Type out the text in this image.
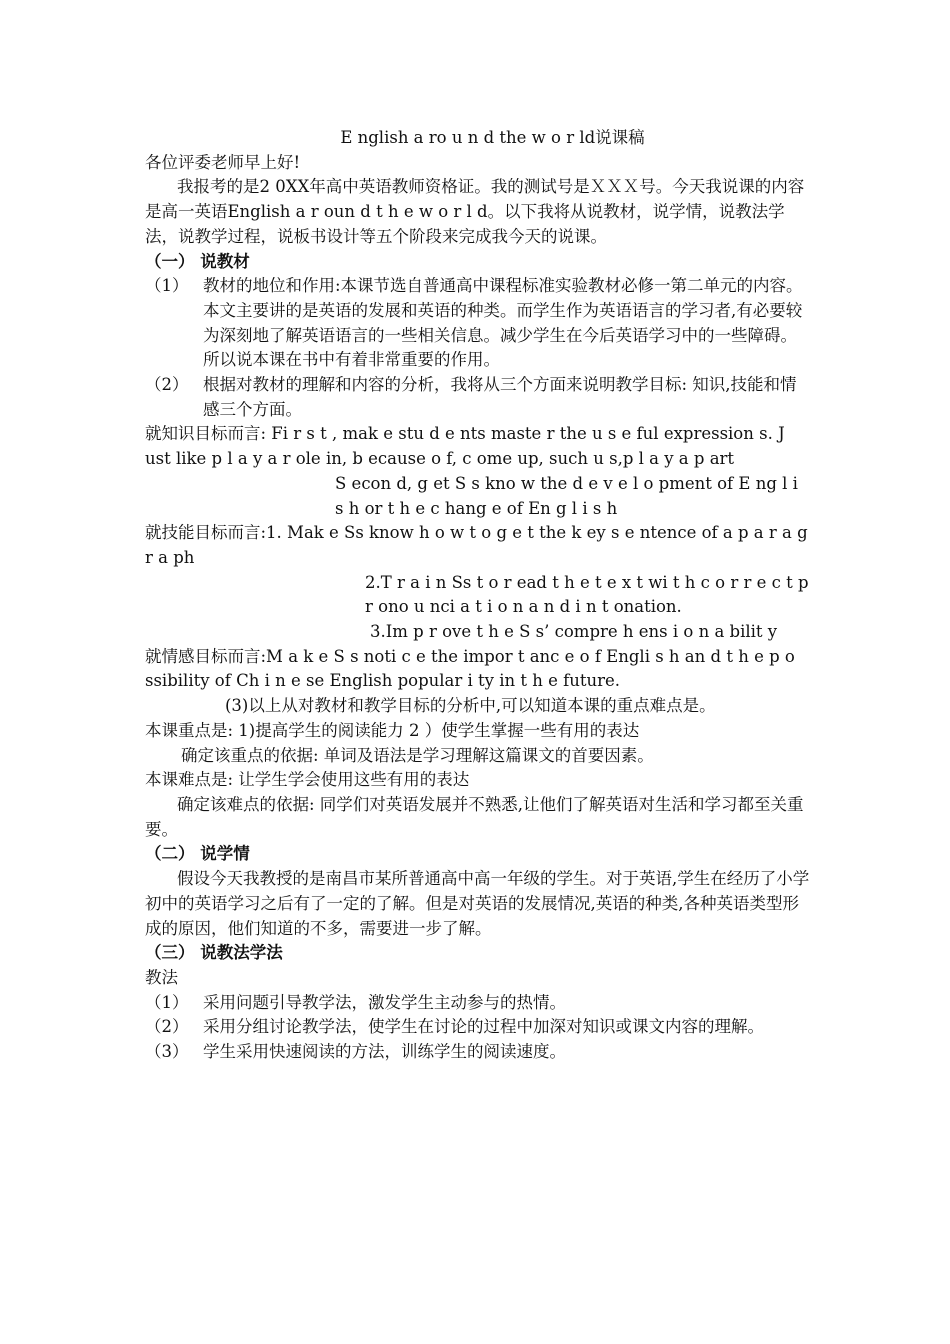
E nglish a ro u n d the w o r ld说课稿

各位评委老师早上好!

我报考的是2 0XX年高中英语教师资格证。我的测试号是ＸＸＸ号。今天我说课的内容是高一英语English a r oun d t h e w o r l d。以下我将从说教材，说学情，说教法学法，说教学过程，说板书设计等五个阶段来完成我今天的说课。

（一） 说教材

（1） 教材的地位和作用:本课节选自普通高中课程标准实验教材必修一第二单元的内容。本文主要讲的是英语的发展和英语的种类。而学生作为英语语言的学习者,有必要较为深刻地了解英语语言的一些相关信息。减少学生在今后英语学习中的一些障碍。所以说本课在书中有着非常重要的作用。
（2） 根据对教材的理解和内容的分析，我将从三个方面来说明教学目标: 知识,技能和情感三个方面。

就知识目标而言: Fi r s t , mak e stu d e nts maste r the u s e ful expression s. J ust like p l a y a r ole in, b ecause o f, c ome up, such u s,p l a y a p art

S econ d, g et S s kno w the d e v e l o pment of E ng l i s h or t h e c hang e of En g l i s h

就技能目标而言:1. Mak e Ss know h o w t o g e t the k ey s e ntence of a p a r a g r a ph

2.T r a i n Ss t o r ead t h e t e x t wi t h c o r r e c t p r ono u nci a t i o n a n d i n t onation.

3.Im p r ove t h e S s’ compre h ens i o n a bilit y

就情感目标而言:M a k e S s noti c e the impor t anc e o f Engli s h an d t h e p o ssibility of Ch i n e se English popular i ty in t h e future.

(3)以上从对教材和教学目标的分析中,可以知道本课的重点难点是。

本课重点是: 1)提高学生的阅读能力 2 ）使学生掌握一些有用的表达

确定该重点的依据: 单词及语法是学习理解这篇课文的首要因素。

本课难点是: 让学生学会使用这些有用的表达

确定该难点的依据: 同学们对英语发展并不熟悉,让他们了解英语对生活和学习都至关重要。

（二） 说学情

假设今天我教授的是南昌市某所普通高中高一年级的学生。对于英语,学生在经历了小学初中的英语学习之后有了一定的了解。但是对英语的发展情况,英语的种类,各种英语类型形成的原因，他们知道的不多，需要进一步了解。

（三） 说教法学法

教法

（1） 采用问题引导教学法，激发学生主动参与的热情。
（2） 采用分组讨论教学法，使学生在讨论的过程中加深对知识或课文内容的理解。
（3） 学生采用快速阅读的方法，训练学生的阅读速度。
